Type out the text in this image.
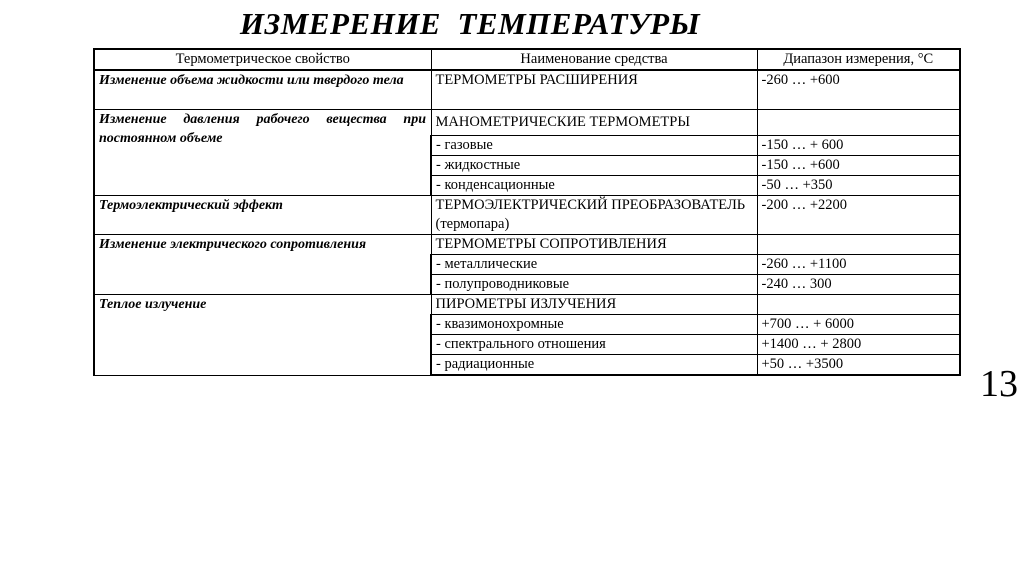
ИЗМЕРЕНИЕ  ТЕМПЕРАТУРЫ
Термометрическое свойство	Наименование средства	Диапазон измерения, °C
Изменение объема жидкости или твердого тела	ТЕРМОМЕТРЫ РАСШИРЕНИЯ	-260 … +600
Изменение давления рабочего вещества при постоянном объеме	МАНОМЕТРИЧЕСКИЕ ТЕРМОМЕТРЫ	
	- газовые	-150 … + 600
	- жидкостные	-150 … +600
	- конденсационные	-50 … +350
Термоэлектрический эффект	ТЕРМОЭЛЕКТРИЧЕСКИЙ ПРЕОБРАЗОВАТЕЛЬ (термопара)	-200 … +2200
Изменение электрического сопротивления	ТЕРМОМЕТРЫ СОПРОТИВЛЕНИЯ	
	- металлические	-260 … +1100
	- полупроводниковые	-240 … 300
Теплое излучение	ПИРОМЕТРЫ ИЗЛУЧЕНИЯ	
	- квазимонохромные	+700 … + 6000
	- спектрального отношения	+1400 … + 2800
	- радиационные	+50 … +3500	13
